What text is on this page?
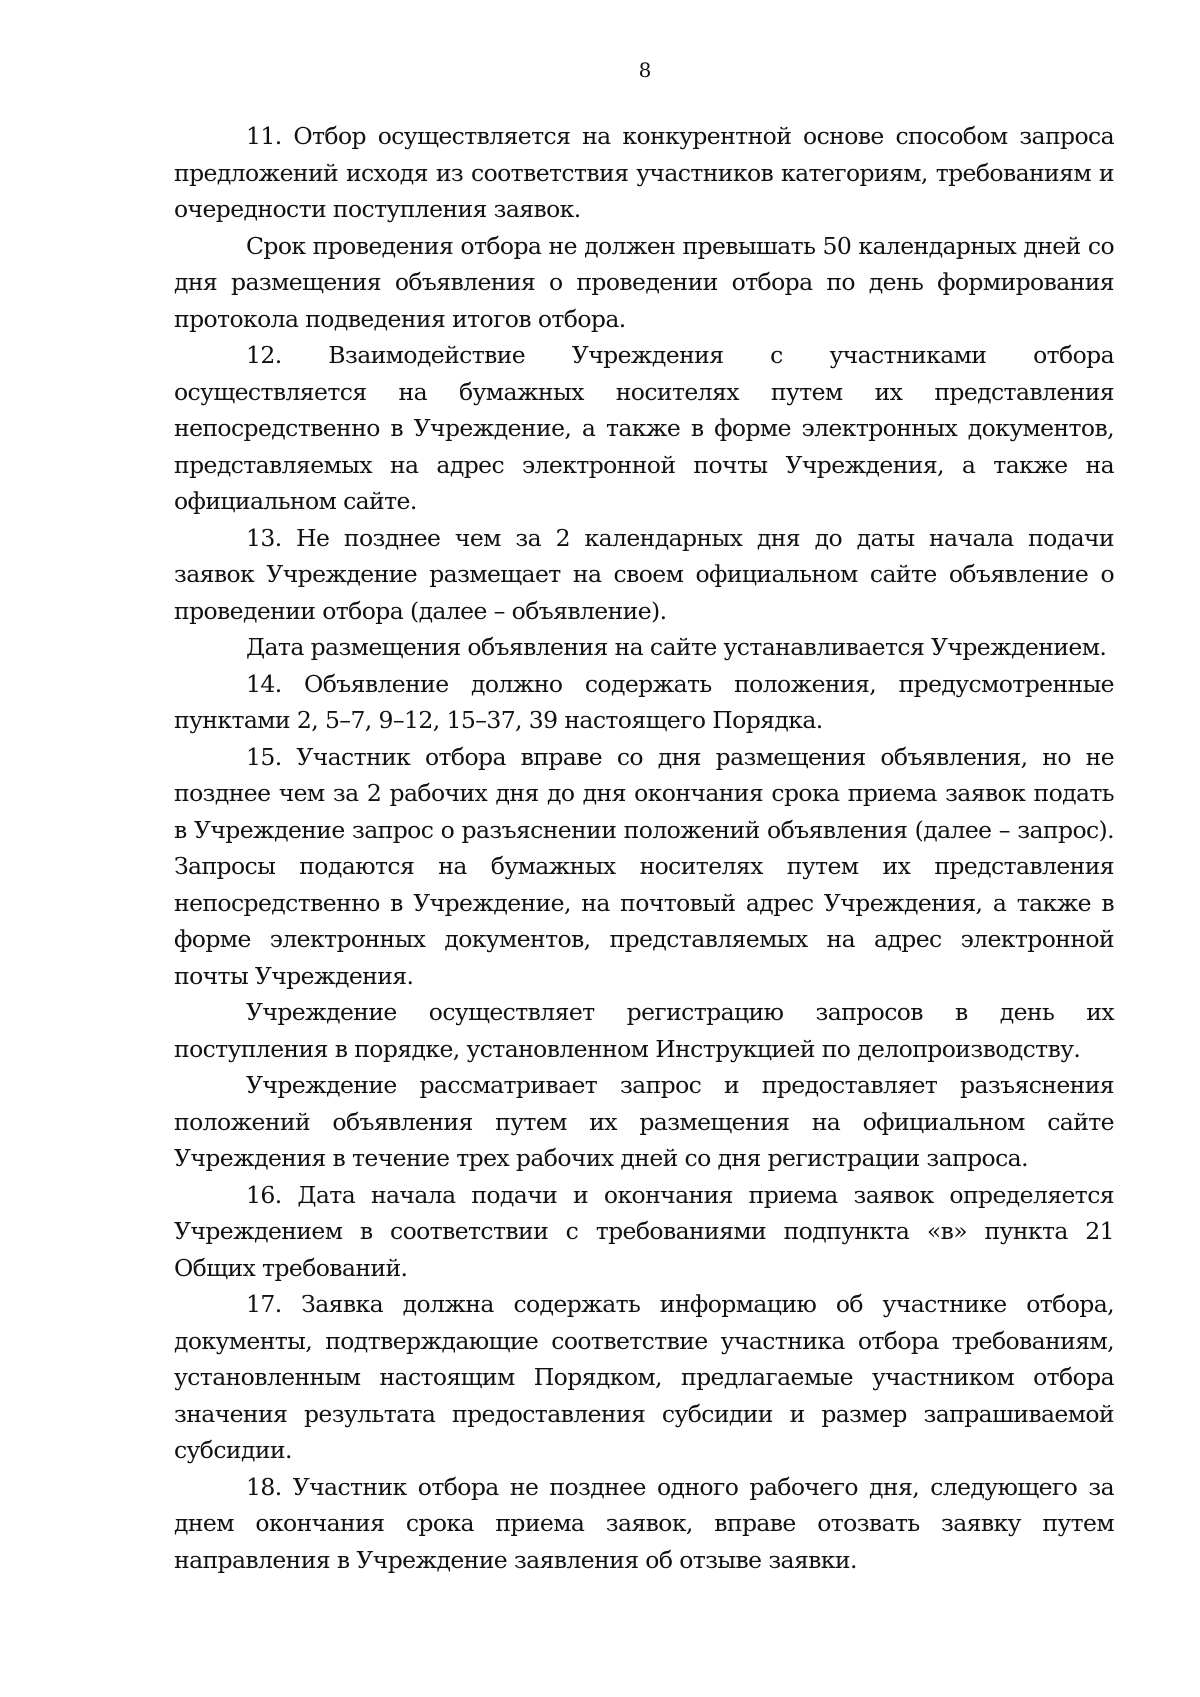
8

11. Отбор осуществляется на конкурентной основе способом запроса предложений исходя из соответствия участников категориям, требованиям и очередности поступления заявок.

Срок проведения отбора не должен превышать 50 календарных дней со дня размещения объявления о проведении отбора по день формирования протокола подведения итогов отбора.

12. Взаимодействие Учреждения с участниками отбора осуществляется на бумажных носителях путем их представления непосредственно в Учреждение, а также в форме электронных документов, представляемых на адрес электронной почты Учреждения, а также на официальном сайте.

13. Не позднее чем за 2 календарных дня до даты начала подачи заявок Учреждение размещает на своем официальном сайте объявление о проведении отбора (далее – объявление).

Дата размещения объявления на сайте устанавливается Учреждением.

14. Объявление должно содержать положения, предусмотренные пунктами 2, 5–7, 9–12, 15–37, 39 настоящего Порядка.

15. Участник отбора вправе со дня размещения объявления, но не позднее чем за 2 рабочих дня до дня окончания срока приема заявок подать в Учреждение запрос о разъяснении положений объявления (далее – запрос). Запросы подаются на бумажных носителях путем их представления непосредственно в Учреждение, на почтовый адрес Учреждения, а также в форме электронных документов, представляемых на адрес электронной почты Учреждения.

Учреждение осуществляет регистрацию запросов в день их поступления в порядке, установленном Инструкцией по делопроизводству.

Учреждение рассматривает запрос и предоставляет разъяснения положений объявления путем их размещения на официальном сайте Учреждения в течение трех рабочих дней со дня регистрации запроса.

16. Дата начала подачи и окончания приема заявок определяется Учреждением в соответствии с требованиями подпункта «в» пункта 21 Общих требований.

17. Заявка должна содержать информацию об участнике отбора, документы, подтверждающие соответствие участника отбора требованиям, установленным настоящим Порядком, предлагаемые участником отбора значения результата предоставления субсидии и размер запрашиваемой субсидии.

18. Участник отбора не позднее одного рабочего дня, следующего за днем окончания срока приема заявок, вправе отозвать заявку путем направления в Учреждение заявления об отзыве заявки.
